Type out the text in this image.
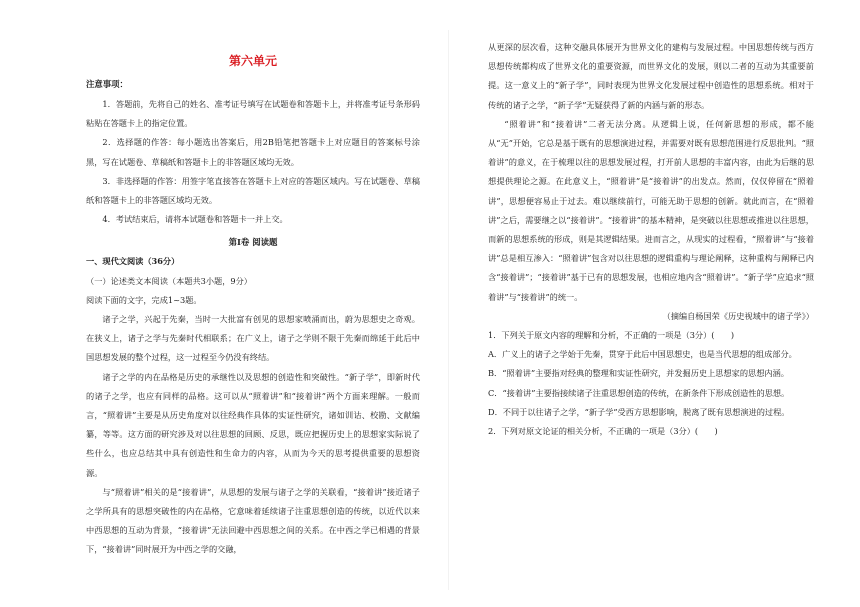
第六单元

注意事项：

1．答题前，先将自己的姓名、准考证号填写在试题卷和答题卡上，并将准考证号条形码粘贴在答题卡上的指定位置。

2．选择题的作答：每小题选出答案后，用2B铅笔把答题卡上对应题目的答案标号涂黑，写在试题卷、草稿纸和答题卡上的非答题区域均无效。

3．非选择题的作答：用签字笔直接答在答题卡上对应的答题区域内。写在试题卷、草稿纸和答题卡上的非答题区域均无效。

4．考试结束后，请将本试题卷和答题卡一并上交。

第Ⅰ卷 阅读题

一、现代文阅读（36分）

（一）论述类文本阅读（本题共3小题，9分）

阅读下面的文字，完成1~3题。

诸子之学，兴起于先秦，当时一大批富有创见的思想家喷涌而出，蔚为思想史之奇观。在狭义上，诸子之学与先秦时代相联系；在广义上，诸子之学则不限于先秦而绵延于此后中国思想发展的整个过程，这一过程至今仍没有终结。

诸子之学的内在品格是历史的承继性以及思想的创造性和突破性。“新子学”，即新时代的诸子之学，也应有同样的品格。这可以从“照着讲”和“接着讲”两个方面来理解。一般而言，“照着讲”主要是从历史角度对以往经典作具体的实证性研究，诸如训诂、校勘、文献编纂，等等。这方面的研究涉及对以往思想的回顾、反思，既应把握历史上的思想家实际说了些什么，也应总结其中具有创造性和生命力的内容，从而为今天的思考提供重要的思想资源。

与“照着讲”相关的是“接着讲”，从思想的发展与诸子之学的关联看，“接着讲”接近诸子之学所具有的思想突破性的内在品格，它意味着延续诸子注重思想创造的传统，以近代以来中西思想的互动为背景，“接着讲”无法回避中西思想之间的关系。在中西之学已相遇的背景下，“接着讲”同时展开为中西之学的交融，

从更深的层次看，这种交融具体展开为世界文化的建构与发展过程。中国思想传统与西方思想传统都构成了世界文化的重要资源，而世界文化的发展，则以二者的互动为其重要前提。这一意义上的“新子学”，同时表现为世界文化发展过程中创造性的思想系统。相对于传统的诸子之学，“新子学”无疑获得了新的内涵与新的形态。

“照着讲”和“接着讲”二者无法分离。从逻辑上说，任何新思想的形成，都不能从“无”开始，它总是基于既有的思想演进过程，并需要对既有思想范围进行反思批判。“照着讲”的意义，在于梳理以往的思想发展过程，打开前人思想的丰富内容，由此为后继的思想提供理论之源。在此意义上，“照着讲”是“接着讲”的出发点。然而，仅仅停留在“照着讲”，思想便容易止于过去。难以继续前行，可能无助于思想的创新。就此而言，在“照着讲”之后，需要继之以“接着讲”。“接着讲”的基本精神，是突破以往思想或推进以往思想，而新的思想系统的形成，则是其逻辑结果。进而言之，从现实的过程看，“照着讲”与“接着讲”总是相互渗入：“照着讲”包含对以往思想的逻辑重构与理论阐释，这种重构与阐释已内含“接着讲”；“接着讲”基于已有的思想发展，也相应地内含“照着讲”。“新子学”应追求“照着讲”与“接着讲”的统一。

（摘编自杨国荣《历史视域中的诸子学》）

1．下列关于原文内容的理解和分析，不正确的一项是（3分）(　　)

A．广义上的诸子之学始于先秦，贯穿于此后中国思想史，也是当代思想的组成部分。

B．“照着讲”主要指对经典的整理和实证性研究，并发掘历史上思想家的思想内涵。

C．“接着讲”主要指接续诸子注重思想创造的传统，在新条件下形成创造性的思想。

D．不同于以往诸子之学，“新子学”受西方思想影响，脱离了既有思想演进的过程。

2．下列对原文论证的相关分析，不正确的一项是（3分）(　　)
